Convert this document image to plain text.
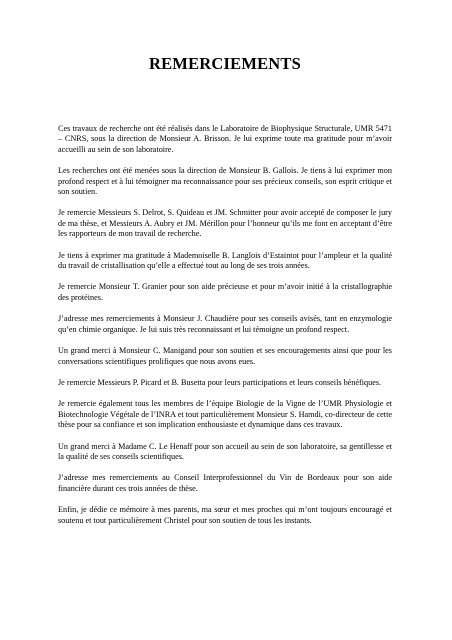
REMERCIEMENTS

Ces travaux de recherche ont été réalisés dans le Laboratoire de Biophysique Structurale, UMR 5471 – CNRS, sous la direction de Monsieur A. Brisson. Je lui exprime toute ma gratitude pour m’avoir accueilli au sein de son laboratoire.

Les recherches ont été menées sous la direction de Monsieur B. Gallois. Je tiens à lui exprimer mon profond respect et à lui témoigner ma reconnaissance pour ses précieux conseils, son esprit critique et son soutien.

Je remercie Messieurs S. Delrot, S. Quideau et JM. Schmitter pour avoir accepté de composer le jury de ma thèse, et Messieurs A. Aubry et JM. Mérillon pour l’honneur qu’ils me font en acceptant d’être les rapporteurs de mon travail de recherche.

Je tiens à exprimer ma gratitude à Mademoiselle B. Langlois d’Estaintot pour l’ampleur et la qualité du travail de cristallisation qu’elle a effectué tout au long de ses trois années.

Je remercie Monsieur T. Granier pour son aide précieuse et pour m’avoir initié à la cristallographie des protéines.

J’adresse mes remerciements à Monsieur J. Chaudière pour ses conseils avisés, tant en enzymologie qu’en chimie organique. Je lui suis très reconnaissant et lui témoigne un profond respect.

Un grand merci à Monsieur C. Manigand pour son soutien et ses encouragements ainsi que pour les conversations scientifiques prolifiques que nous avons eues.

Je remercie Messieurs P. Picard et B. Busetta pour leurs participations et leurs conseils bénéfiques.

Je remercie également tous les membres de l’équipe Biologie de la Vigne de l’UMR Physiologie et Biotechnologie Végétale de l’INRA et tout particulièrement Monsieur S. Hamdi, co-directeur de cette thèse pour sa confiance et son implication enthousiaste et dynamique dans ces travaux.

Un grand merci à Madame C. Le Henaff pour son accueil au sein de son laboratoire, sa gentillesse et la qualité de ses conseils scientifiques.

J’adresse mes remerciements au Conseil Interprofessionnel du Vin de Bordeaux pour son aide financière durant ces trois années de thèse.

Enfin, je dédie ce mémoire à mes parents, ma sœur et mes proches qui m’ont toujours encouragé et soutenu et tout particulièrement Christel pour son soutien de tous les instants.
